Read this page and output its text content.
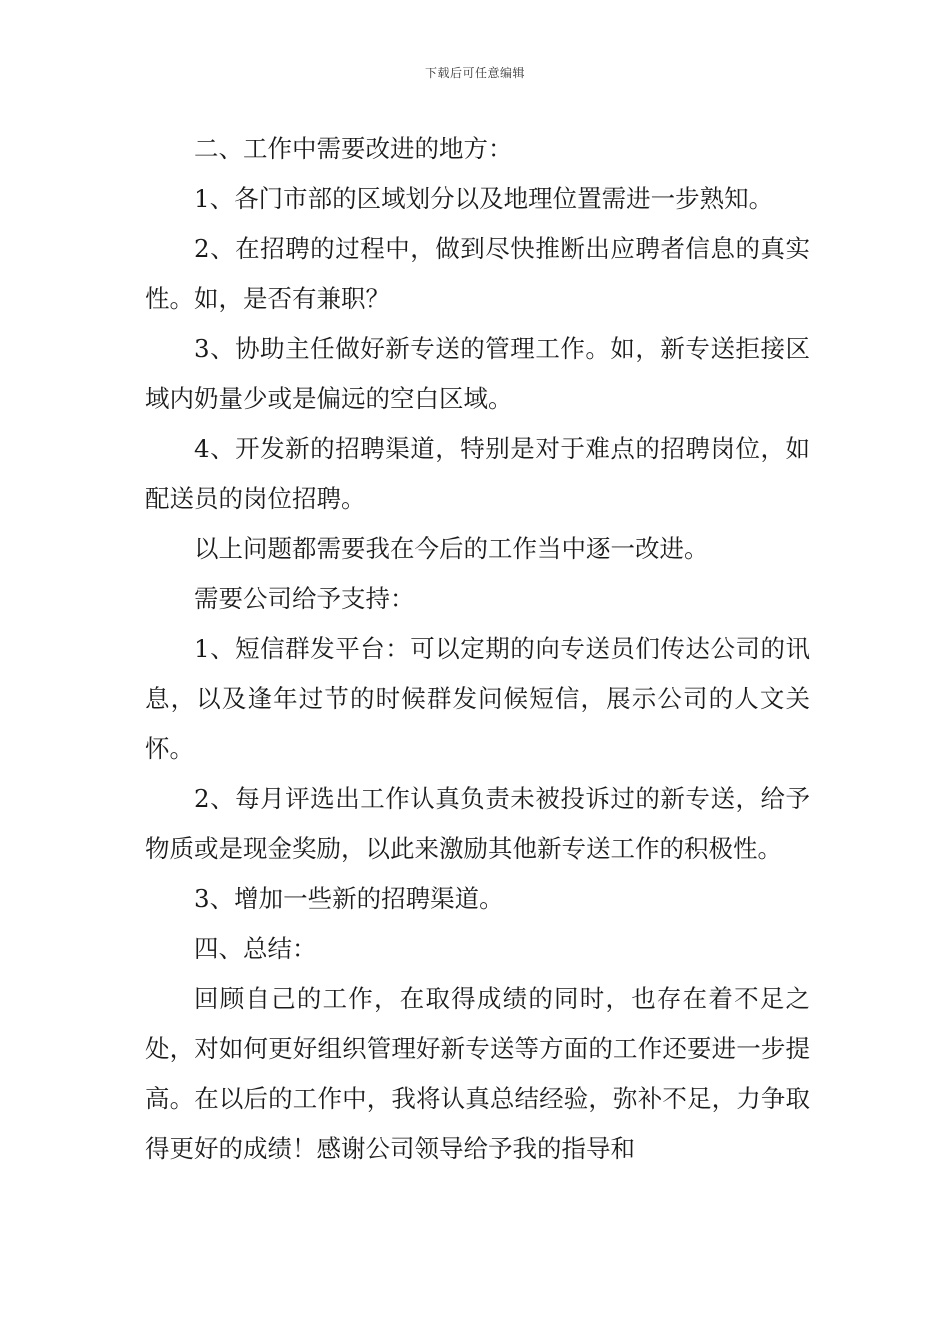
下载后可任意编辑

二、工作中需要改进的地方：

1、各门市部的区域划分以及地理位置需进一步熟知。

2、在招聘的过程中，做到尽快推断出应聘者信息的真实性。如，是否有兼职？

3、协助主任做好新专送的管理工作。如，新专送拒接区域内奶量少或是偏远的空白区域。

4、开发新的招聘渠道，特别是对于难点的招聘岗位，如配送员的岗位招聘。

以上问题都需要我在今后的工作当中逐一改进。

需要公司给予支持：

1、短信群发平台：可以定期的向专送员们传达公司的讯息，以及逢年过节的时候群发问候短信，展示公司的人文关怀。

2、每月评选出工作认真负责未被投诉过的新专送，给予物质或是现金奖励，以此来激励其他新专送工作的积极性。

3、增加一些新的招聘渠道。

四、总结：

回顾自己的工作，在取得成绩的同时，也存在着不足之处，对如何更好组织管理好新专送等方面的工作还要进一步提高。在以后的工作中，我将认真总结经验，弥补不足，力争取得更好的成绩！感谢公司领导给予我的指导和
